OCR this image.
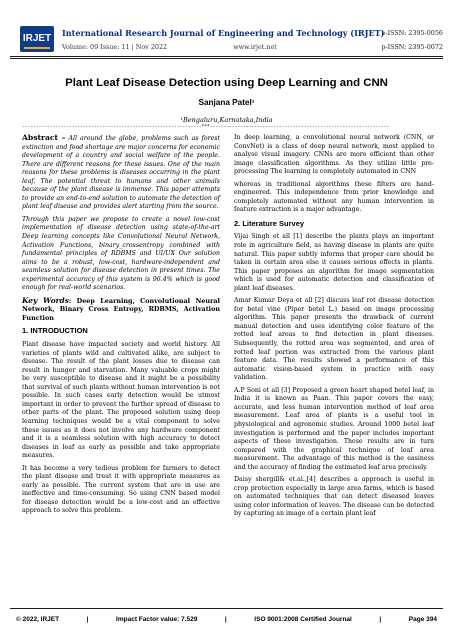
IRJET	International Research Journal of Engineering and Technology (IRJET)
Volume: 09 Issue: 11 | Nov 2022	www.irjet.net
e-ISSN: 2395-0056
p-ISSN: 2395-0072
Plant Leaf Disease Detection using Deep Learning and CNN
Sanjana Patel¹
¹Bengaluru,Karnataka,India
-----------------------------------------------------------------***-----------------------------------------------------------------

Abstract – All around the globe, problems such as forest extinction and food shortage are major concerns for economic development of a country and social welfare of the people. There are different reasons for these issues. One of the main reasons for these problems is diseases occurring in the plant leaf. The potential threat to humans and other animals because of the plant disease is immense. This paper attempts to provide an end-to-end solution to automate the detection of plant leaf disease and provides alert starting from the source.

Through this paper we propose to create a novel low-cost implementation of disease detection using state-of-the-art Deep learning concepts like Convolutional Neural Network, Activation Functions, binary_crossentropy combined with fundamental principles of RDBMS and UI/UX Our solution aims to be a robust, low-cost, hardware-independent and seamless solution for disease detection in present times. The experimental accuracy of this system is 96.4% which is good enough for real-world scenarios.

Key Words: Deep Learning, Convolutional Neural Network, Binary Cross Entropy, RDBMS, Activation Function

1. INTRODUCTION

Plant disease have impacted society and world history. All varieties of plants wild and cultivated alike, are subject to disease. The result of the plant losses due to disease can result in hunger and starvation. Many valuable crops might be very susceptible to disease and it might be a possibility that survival of such plants without human intervention is not possible. In such cases early detection would be utmost important in order to prevent the further spread of disease to other parts of the plant. The proposed solution using deep learning techniques would be a vital component to solve these issues as it does not involve any hardware component and it is a seamless solution with high accuracy to detect diseases in leaf as early as possible and take appropriate measures.

It has become a very tedious problem for farmers to detect the plant disease and treat it with appropriate measures as early as possible. The current system that are in use are ineffective and time-consuming. So using CNN based model for disease detection would be a low-cost and an effective approach to solve this problem.

In deep learning, a convolutional neural network (CNN, or ConvNet) is a class of deep neural network, most applied to analyse visual imagery. CNNs are more efficient than other image classification algorithms. As they utilize little pre-processing The learning is completely automated in CNN

whereas in traditional algorithms these filters are hand-engineered. This independence from prior knowledge and completely automated without any human intervention in feature extraction is a major advantage.

2. Literature Survey

Vijai Singh et all [1] describe the plants plays an important role in agriculture field, as having disease in plants are quite natural. This paper subtly informs that proper care should be taken in certain area else it causes serious effects in plants. This paper proposes an algorithm for image segmentation which is used for automatic detection and classification of plant leaf diseases.

Amar Kumar Deya et all [2] discuss leaf rot disease detection for betel vine (Piper betel L.) based on image processing algorithm. This paper presents the drawback of current manual detection and uses identifying color feature of the rotted leaf areas to find detection in plant diseases. Subsequently, the rotted area was segmented, and area of rotted leaf portion was extracted from the various plant feature data. The results showed a performance of this automatic vision-based system in practice with easy validation.

A.P Soni et all [3] Proposed a green heart shaped betel leaf, in India it is known as Paan. This paper covers the easy, accurate, and less human intervention method of leaf area measurement. Leaf area of plants is a useful tool in physiological and agronomic studies. Around 1000 betel leaf investigation is performed and the paper includes important aspects of these investigation. These results are in turn compared with the graphical technique of leaf area measurement. The advantage of this method is the easiness and the accuracy of finding the estimated leaf area precisely.

Daisy shergill& et.al.,[4] describes a approach is useful in crop protection especially in large area farms, which is based on automated techniques that can detect diseased leaves using color information of leaves. The disease can be detected by capturing an image of a certain plant leaf

© 2022, IRJET	|	Impact Factor value: 7.529	|	ISO 9001:2008 Certified Journal	|	Page 394
